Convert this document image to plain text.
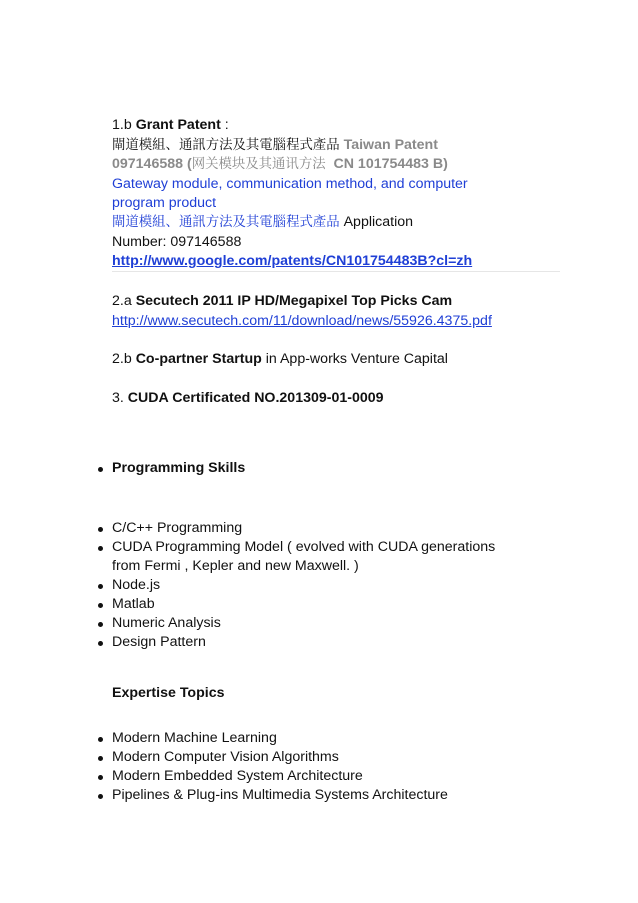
1.b Grant Patent :
閘道模組、通訊方法及其電腦程式產品 Taiwan Patent
097146588 (网关模块及其通讯方法 CN 101754483 B)
Gateway module, communication method, and computer
program product
閘道模組、通訊方法及其電腦程式產品 Application
Number: 097146588
http://www.google.com/patents/CN101754483B?cl=zh
2.a Secutech 2011 IP HD/Megapixel Top Picks Cam
http://www.secutech.com/11/download/news/55926.4375.pdf
2.b Co-partner Startup in App-works Venture Capital
3. CUDA Certificated NO.201309-01-0009
Programming Skills
C/C++ Programming
CUDA Programming Model ( evolved with CUDA generations
from Fermi , Kepler and new Maxwell. )
Node.js
Matlab
Numeric Analysis
Design Pattern
Expertise Topics
Modern Machine Learning
Modern Computer Vision Algorithms
Modern Embedded System Architecture
Pipelines & Plug-ins Multimedia Systems Architecture
